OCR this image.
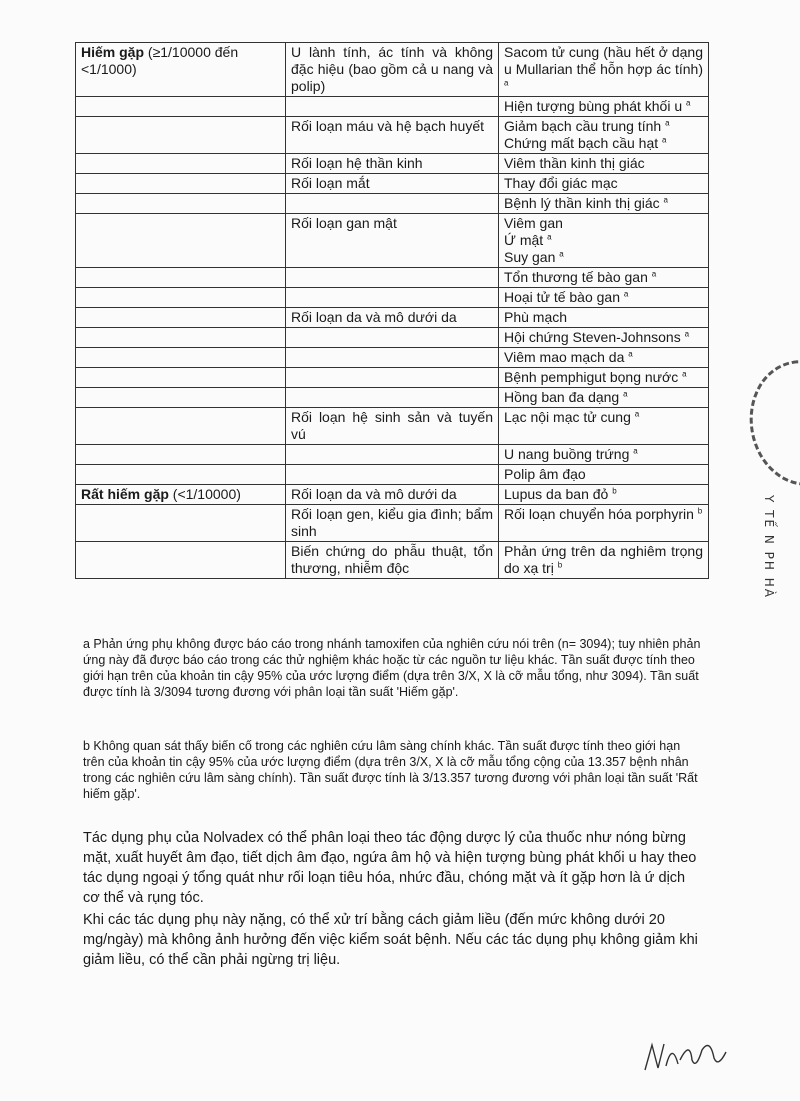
Hiếm gặp (≥1/10000 đến <1/1000)	U lành tính, ác tính và không đặc hiệu (bao gồm cả u nang và polip)	Sacom tử cung (hầu hết ở dạng u Mullarian thể hỗn hợp ác tính) $^a$

		Hiện tượng bùng phát khối u $^a$

	Rối loạn máu và hệ bạch huyết	Giảm bạch cầu trung tính $^a$
Chứng mất bạch cầu hạt $^a$

	Rối loạn hệ thần kinh	Viêm thần kinh thị giác

	Rối loạn mắt	Thay đổi giác mạc

		Bệnh lý thần kinh thị giác $^a$

	Rối loạn gan mật	Viêm gan
Ứ mật $^a$
Suy gan $^a$

		Tổn thương tế bào gan $^a$

		Hoại tử tế bào gan $^a$

	Rối loạn da và mô dưới da	Phù mạch

		Hội chứng Steven-Johnsons $^a$

		Viêm mao mạch da $^a$

		Bệnh pemphigut bọng nước $^a$

		Hồng ban đa dạng $^a$

	Rối loạn hệ sinh sản và tuyến vú	Lạc nội mạc tử cung $^a$

		U nang buồng trứng $^a$

		Polip âm đạo

Rất hiếm gặp (<1/10000)	Rối loạn da và mô dưới da	Lupus da ban đỏ $^b$

	Rối loạn gen, kiểu gia đình; bẩm sinh	Rối loạn chuyển hóa porphyrin $^b$

	Biến chứng do phẫu thuật, tổn thương, nhiễm độc	Phản ứng trên da nghiêm trọng do xạ trị $^b$
a Phản ứng phụ không được báo cáo trong nhánh tamoxifen của nghiên cứu nói trên (n= 3094); tuy nhiên phản ứng này đã được báo cáo trong các thử nghiệm khác hoặc từ các nguồn tư liệu khác. Tần suất được tính theo giới hạn trên của khoản tin cậy 95% của ước lượng điểm (dựa trên 3/X, X là cỡ mẫu tổng, như 3094). Tần suất được tính là 3/3094 tương đương với phân loại tần suất 'Hiếm gặp'.
b Không quan sát thấy biến cố trong các nghiên cứu lâm sàng chính khác. Tần suất được tính theo giới hạn trên của khoản tin cậy 95% của ước lượng điểm (dựa trên 3/X, X là cỡ mẫu tổng cộng của 13.357 bệnh nhân trong các nghiên cứu lâm sàng chính). Tần suất được tính là 3/13.357 tương đương với phân loại tần suất 'Rất hiếm gặp'.
Tác dụng phụ của Nolvadex có thể phân loại theo tác động dược lý của thuốc như nóng bừng mặt, xuất huyết âm đạo, tiết dịch âm đạo, ngứa âm hộ và hiện tượng bùng phát khối u hay theo tác dụng ngoại ý tổng quát như rối loạn tiêu hóa, nhức đầu, chóng mặt và ít gặp hơn là ứ dịch cơ thể và rụng tóc.
Khi các tác dụng phụ này nặng, có thể xử trí bằng cách giảm liều (đến mức không dưới 20 mg/ngày) mà không ảnh hưởng đến việc kiểm soát bệnh. Nếu các tác dụng phụ không giảm khi giảm liều, có thể cần phải ngừng trị liệu.
Y TẾ N PH HÀ
